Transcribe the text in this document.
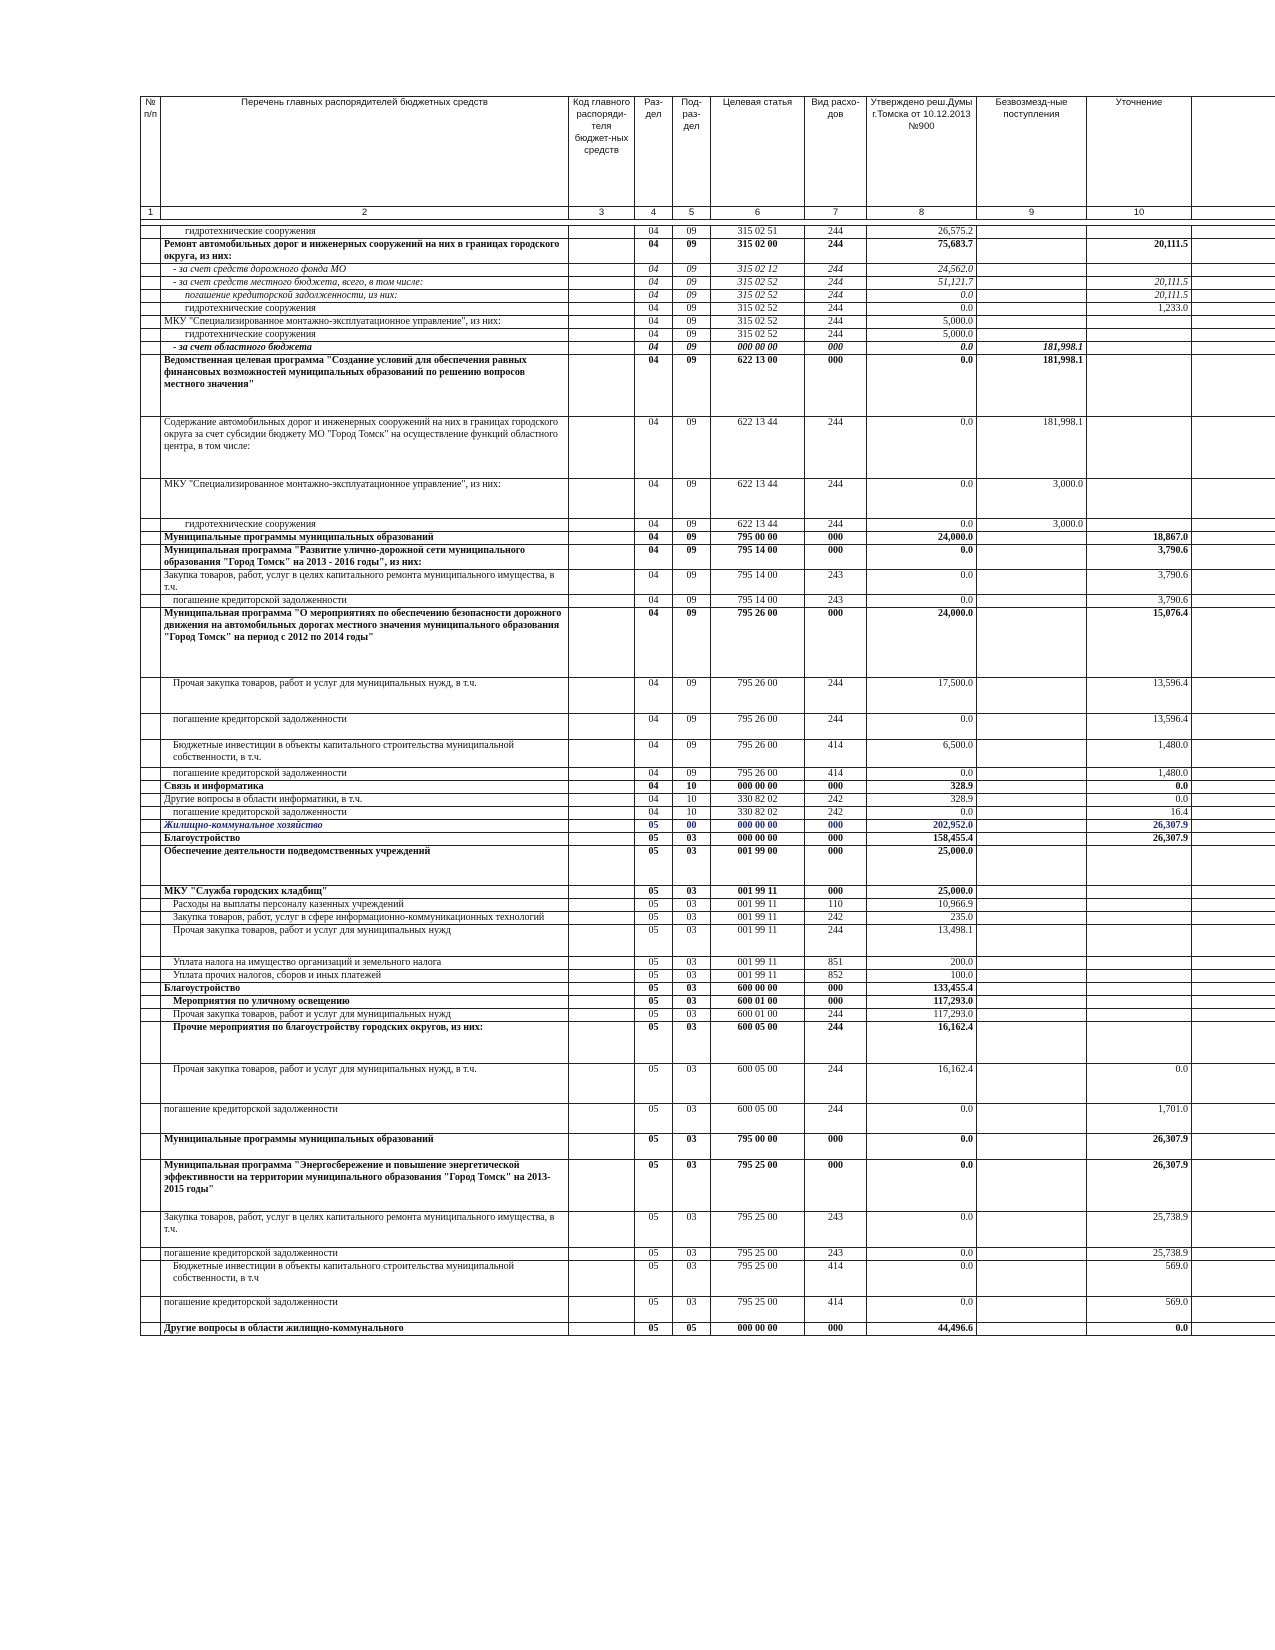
№ п/п	Перечень главных распорядителей бюджетных средств	Код главного распоряди-теля бюджет-ных средств	Раз-дел	Под-раз-дел	Целевая статья	Вид расхо-дов	Утверждено реш.Думы г.Томска от 10.12.2013 №900	Безвозмезд-ные поступления	Уточнение	
1	2	3	4	5	6	7	8	9	10	

	гидротехнические сооружения		04	09	315 02 51	244	26,575.2			
	Ремонт автомобильных дорог и инженерных сооружений на них в границах городского округа, из них:		04	09	315 02 00	244	75,683.7		20,111.5	
	- за счет средств дорожного фонда МО		04	09	315 02 12	244	24,562.0			
	- за счет средств местного бюджета, всего, в том числе:		04	09	315 02 52	244	51,121.7		20,111.5	
	погашение кредиторской задолженности, из них:		04	09	315 02 52	244	0.0		20,111.5	
	гидротехнические сооружения		04	09	315 02 52	244	0.0		1,233.0	
	МКУ "Специализированное монтажно-эксплуатационное управление", из них:		04	09	315 02 52	244	5,000.0			
	гидротехнические сооружения		04	09	315 02 52	244	5,000.0			
	- за счет областного бюджета		04	09	000 00 00	000	0.0	181,998.1		
	Ведомственная целевая программа "Создание условий для обеспечения равных финансовых возможностей муниципальных образований по решению вопросов местного значения"		04	09	622 13 00	000	0.0	181,998.1		
	Содержание автомобильных дорог и инженерных сооружений на них в границах городского округа за счет субсидии бюджету МО "Город Томск" на осуществление функций областного центра, в том числе:		04	09	622 13 44	244	0.0	181,998.1		
	МКУ "Специализированное монтажно-эксплуатационное управление", из них:		04	09	622 13 44	244	0.0	3,000.0		
	гидротехнические сооружения		04	09	622 13 44	244	0.0	3,000.0		
	Муниципальные программы муниципальных образований		04	09	795 00 00	000	24,000.0		18,867.0	
	Муниципальная программа "Развитие улично-дорожной сети муниципального образования "Город Томск" на 2013 - 2016 годы", из них:		04	09	795 14 00	000	0.0		3,790.6	
	Закупка товаров, работ, услуг в целях капитального ремонта муниципального имущества, в т.ч.		04	09	795 14 00	243	0.0		3,790.6	
	погашение кредиторской задолженности		04	09	795 14 00	243	0.0		3,790.6	
	Муниципальная программа "О мероприятиях по обеспечению безопасности дорожного движения на автомобильных дорогах местного значения муниципального образования "Город Томск" на период с 2012 по 2014 годы"		04	09	795 26 00	000	24,000.0		15,076.4	
	Прочая закупка товаров, работ и услуг для муниципальных нужд, в т.ч.		04	09	795 26 00	244	17,500.0		13,596.4	
	погашение кредиторской задолженности		04	09	795 26 00	244	0.0		13,596.4	
	Бюджетные инвестиции в объекты капитального строительства муниципальной собственности, в т.ч.		04	09	795 26 00	414	6,500.0		1,480.0	
	погашение кредиторской задолженности		04	09	795 26 00	414	0.0		1,480.0	
	Связь и информатика		04	10	000 00 00	000	328.9		0.0	
	Другие вопросы в области информатики, в т.ч.		04	10	330 82 02	242	328.9		0.0	
	погашение кредиторской задолженности		04	10	330 82 02	242	0.0		16.4	
	Жилищно-коммунальное хозяйство		05	00	000 00 00	000	202,952.0		26,307.9	
	Благоустройство		05	03	000 00 00	000	158,455.4		26,307.9	
	Обеспечение деятельности подведомственных учреждений		05	03	001 99 00	000	25,000.0			
	МКУ "Служба городских кладбищ"		05	03	001 99 11	000	25,000.0			
	Расходы на выплаты персоналу казенных учреждений		05	03	001 99 11	110	10,966.9			
	Закупка товаров, работ, услуг в сфере информационно-коммуникационных технологий		05	03	001 99 11	242	235.0			
	Прочая закупка товаров, работ и услуг для муниципальных нужд		05	03	001 99 11	244	13,498.1			
	Уплата налога на имущество организаций и земельного налога		05	03	001 99 11	851	200.0			
	Уплата прочих налогов, сборов и иных платежей		05	03	001 99 11	852	100.0			
	Благоустройство		05	03	600 00 00	000	133,455.4			
	Мероприятия по уличному освещению		05	03	600 01 00	000	117,293.0			
	Прочая закупка товаров, работ и услуг для муниципальных нужд		05	03	600 01 00	244	117,293.0			
	Прочие мероприятия по благоустройству городских округов, из них:		05	03	600 05 00	244	16,162.4			
	Прочая закупка товаров, работ и услуг для муниципальных нужд, в т.ч.		05	03	600 05 00	244	16,162.4		0.0	
	погашение кредиторской задолженности		05	03	600 05 00	244	0.0		1,701.0	
	Муниципальные программы муниципальных образований		05	03	795 00 00	000	0.0		26,307.9	
	Муниципальная программа "Энергосбережение и повышение энергетической эффективности на территории муниципального образования "Город Томск" на 2013-2015 годы"		05	03	795 25 00	000	0.0		26,307.9	
	Закупка товаров, работ, услуг в целях капитального ремонта муниципального имущества, в т.ч.		05	03	795 25 00	243	0.0		25,738.9	
	погашение кредиторской задолженности		05	03	795 25 00	243	0.0		25,738.9	
	Бюджетные инвестиции в объекты капитального строительства муниципальной собственности, в т.ч		05	03	795 25 00	414	0.0		569.0	
	погашение кредиторской задолженности		05	03	795 25 00	414	0.0		569.0	
	Другие вопросы в области жилищно-коммунального		05	05	000 00 00	000	44,496.6		0.0	
